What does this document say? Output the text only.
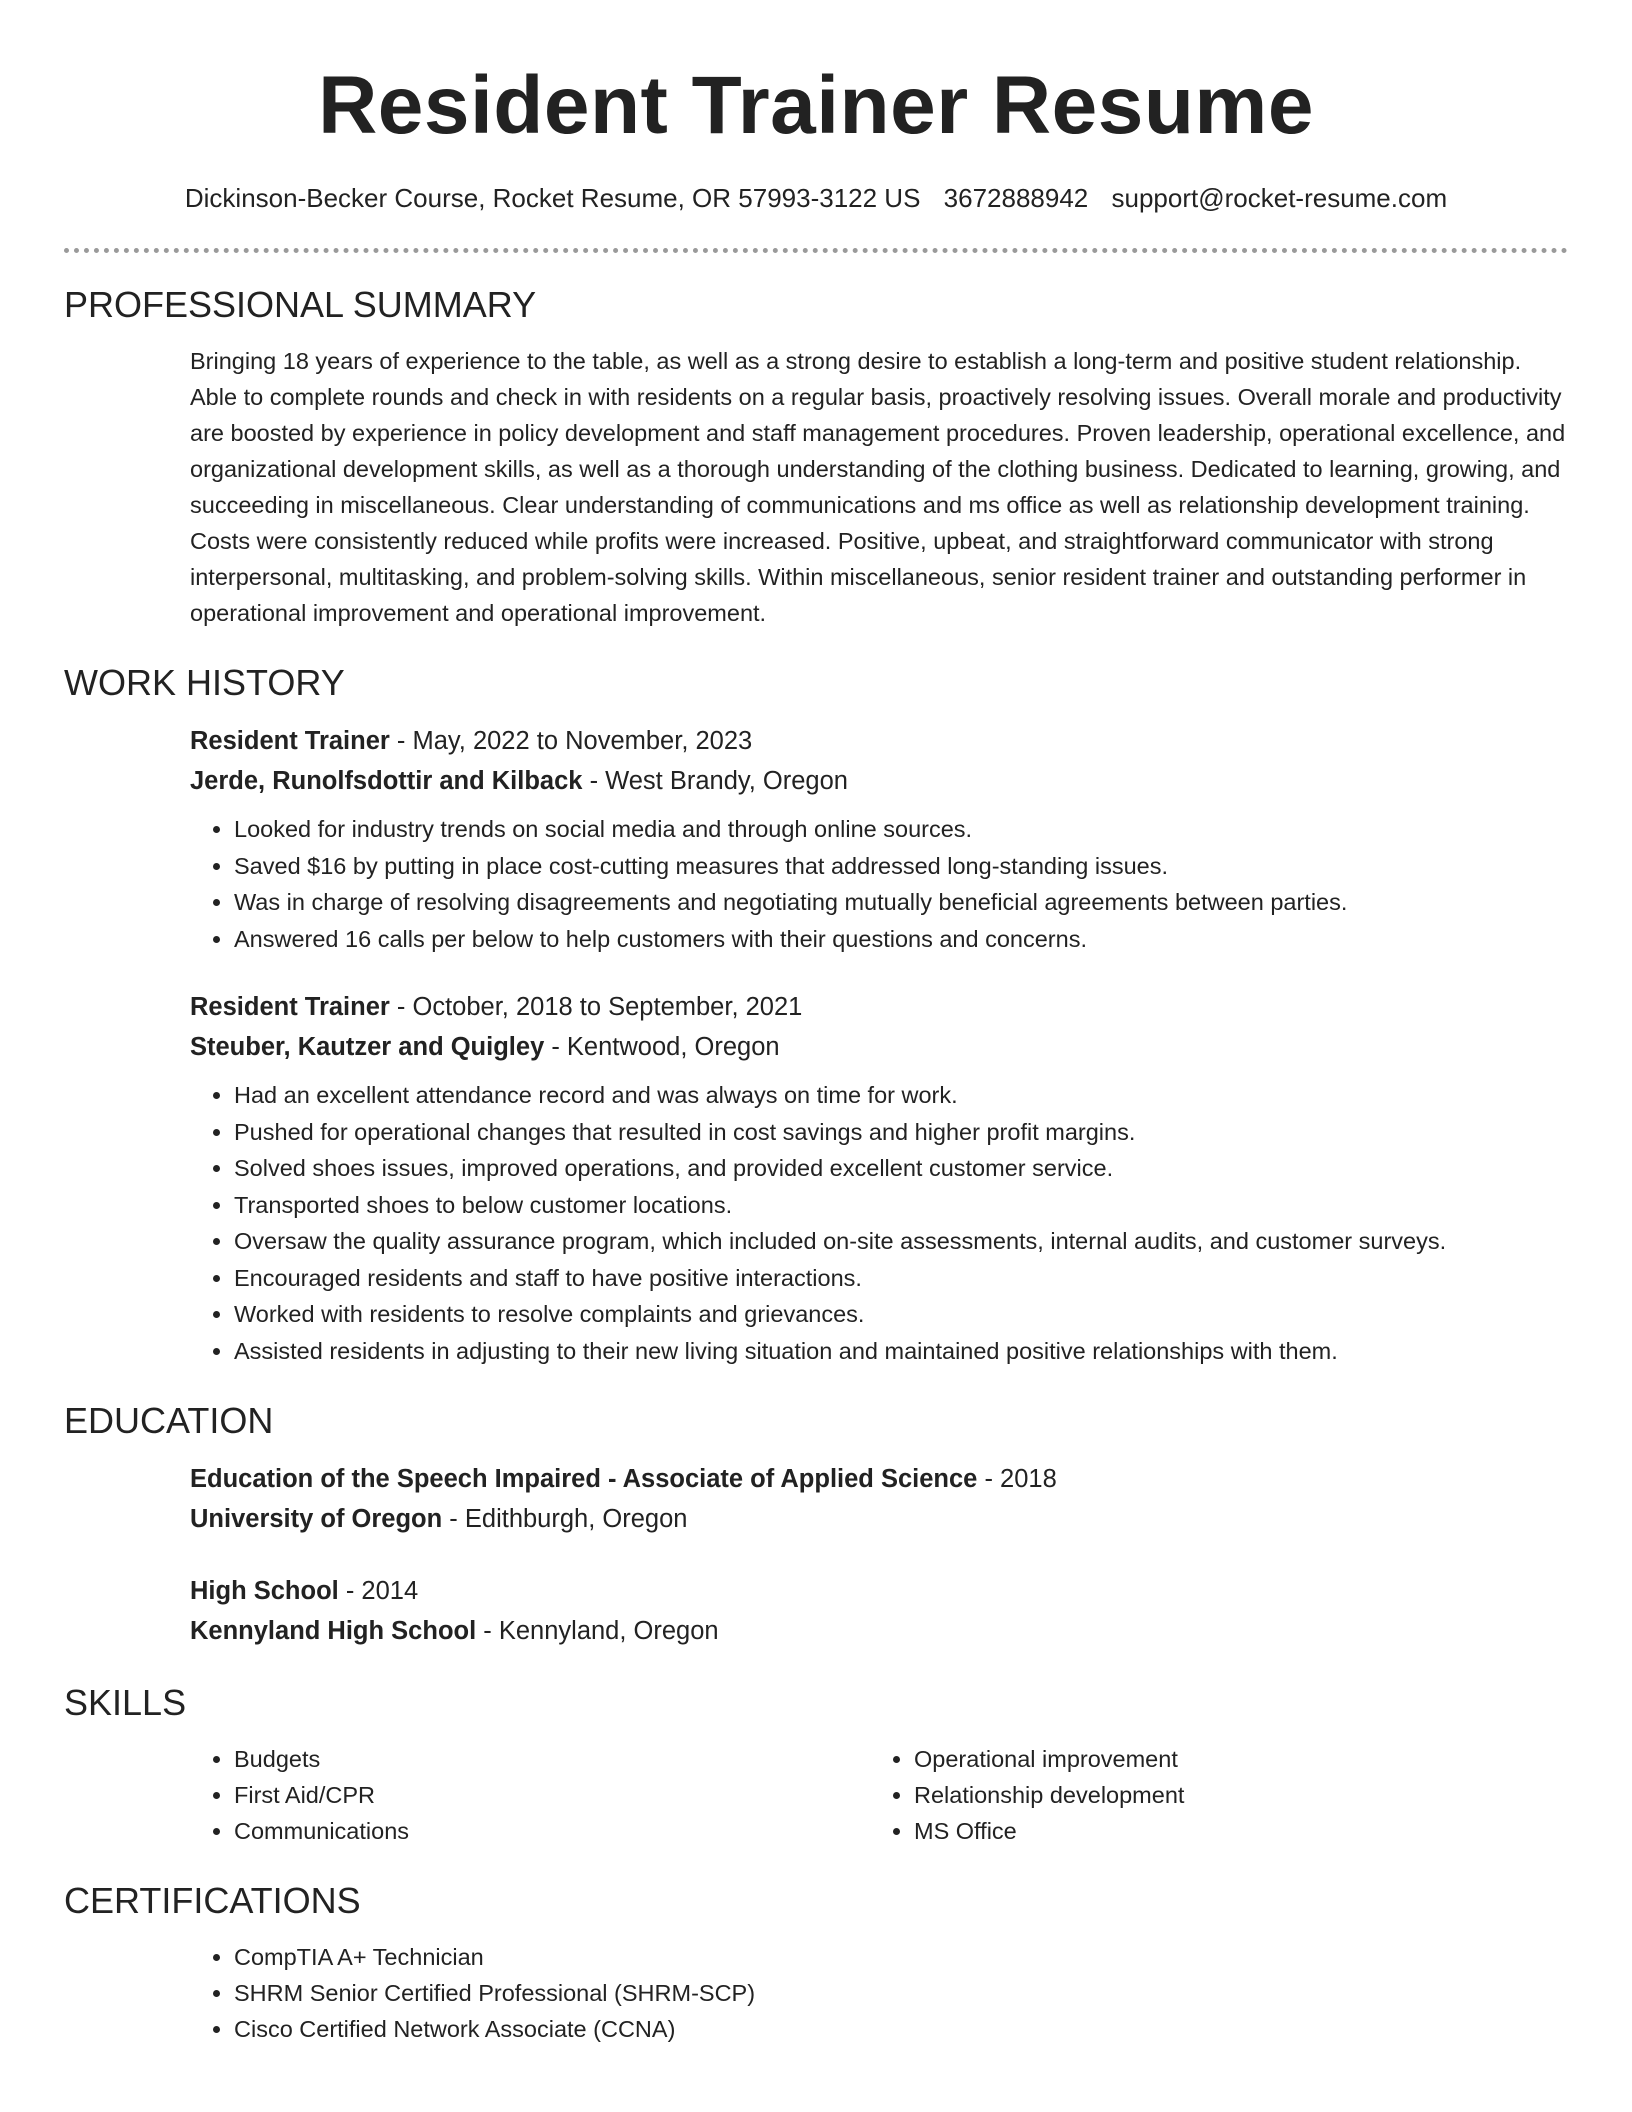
Resident Trainer Resume
Dickinson-Becker Course, Rocket Resume, OR 57993-3122 US 3672888942 support@rocket-resume.com
PROFESSIONAL SUMMARY

Bringing 18 years of experience to the table, as well as a strong desire to establish a long-term and positive student relationship. Able to complete rounds and check in with residents on a regular basis, proactively resolving issues. Overall morale and productivity are boosted by experience in policy development and staff management procedures. Proven leadership, operational excellence, and organizational development skills, as well as a thorough understanding of the clothing business. Dedicated to learning, growing, and succeeding in miscellaneous. Clear understanding of communications and ms office as well as relationship development training. Costs were consistently reduced while profits were increased. Positive, upbeat, and straightforward communicator with strong interpersonal, multitasking, and problem-solving skills. Within miscellaneous, senior resident trainer and outstanding performer in operational improvement and operational improvement.

WORK HISTORY
Resident Trainer - May, 2022 to November, 2023
Jerde, Runolfsdottir and Kilback - West Brandy, Oregon
• Looked for industry trends on social media and through online sources.
• Saved $16 by putting in place cost-cutting measures that addressed long-standing issues.
• Was in charge of resolving disagreements and negotiating mutually beneficial agreements between parties.
• Answered 16 calls per below to help customers with their questions and concerns.
Resident Trainer - October, 2018 to September, 2021
Steuber, Kautzer and Quigley - Kentwood, Oregon
• Had an excellent attendance record and was always on time for work.
• Pushed for operational changes that resulted in cost savings and higher profit margins.
• Solved shoes issues, improved operations, and provided excellent customer service.
• Transported shoes to below customer locations.
• Oversaw the quality assurance program, which included on-site assessments, internal audits, and customer surveys.
• Encouraged residents and staff to have positive interactions.
• Worked with residents to resolve complaints and grievances.
• Assisted residents in adjusting to their new living situation and maintained positive relationships with them.
EDUCATION
Education of the Speech Impaired - Associate of Applied Science - 2018
University of Oregon - Edithburgh, Oregon
High School - 2014
Kennyland High School - Kennyland, Oregon
SKILLS
• Budgets
• First Aid/CPR
• Communications
• Operational improvement
• Relationship development
• MS Office
CERTIFICATIONS
• CompTIA A+ Technician
• SHRM Senior Certified Professional (SHRM-SCP)
• Cisco Certified Network Associate (CCNA)
